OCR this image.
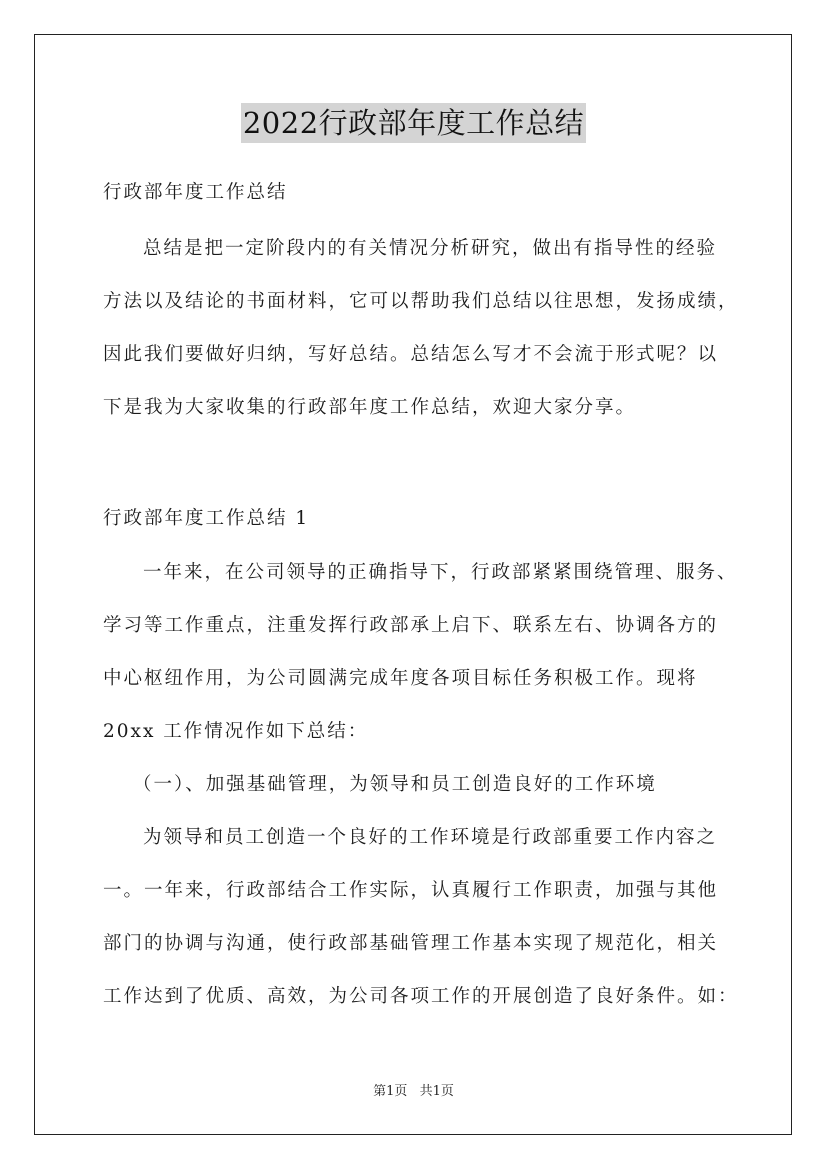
2022行政部年度工作总结
行政部年度工作总结
总结是把一定阶段内的有关情况分析研究，做出有指导性的经验
方法以及结论的书面材料，它可以帮助我们总结以往思想，发扬成绩，
因此我们要做好归纳，写好总结。总结怎么写才不会流于形式呢？以
下是我为大家收集的行政部年度工作总结，欢迎大家分享。
行政部年度工作总结 1
一年来，在公司领导的正确指导下，行政部紧紧围绕管理、服务、
学习等工作重点，注重发挥行政部承上启下、联系左右、协调各方的
中心枢纽作用，为公司圆满完成年度各项目标任务积极工作。现将
20xx 工作情况作如下总结：
（一）、加强基础管理，为领导和员工创造良好的工作环境
为领导和员工创造一个良好的工作环境是行政部重要工作内容之
一。一年来，行政部结合工作实际，认真履行工作职责，加强与其他
部门的协调与沟通，使行政部基础管理工作基本实现了规范化，相关
工作达到了优质、高效，为公司各项工作的开展创造了良好条件。如：
第1页 共1页
